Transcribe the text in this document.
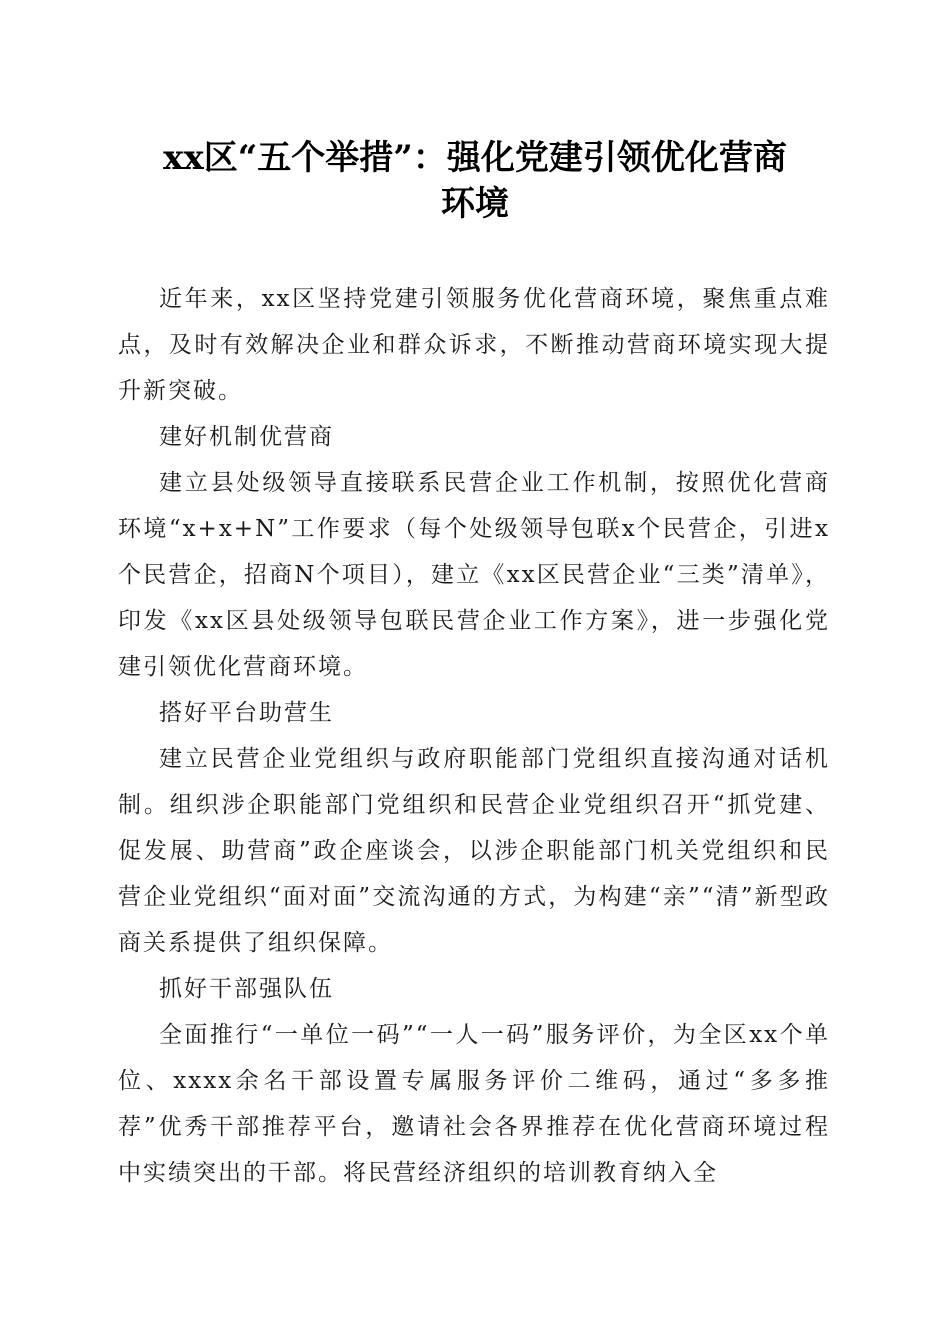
xx区“五个举措”：强化党建引领优化营商
环境

近年来，xx区坚持党建引领服务优化营商环境，聚焦重点难点，及时有效解决企业和群众诉求，不断推动营商环境实现大提升新突破。

建好机制优营商

建立县处级领导直接联系民营企业工作机制，按照优化营商环境“x+x+N”工作要求（每个处级领导包联x个民营企，引进x个民营企，招商N个项目），建立《xx区民营企业“三类”清单》，印发《xx区县处级领导包联民营企业工作方案》，进一步强化党建引领优化营商环境。

搭好平台助营生

建立民营企业党组织与政府职能部门党组织直接沟通对话机制。组织涉企职能部门党组织和民营企业党组织召开“抓党建、促发展、助营商”政企座谈会，以涉企职能部门机关党组织和民营企业党组织“面对面”交流沟通的方式，为构建“亲”“清”新型政商关系提供了组织保障。

抓好干部强队伍

全面推行“一单位一码”“一人一码”服务评价，为全区xx个单位、xxxx余名干部设置专属服务评价二维码，通过“多多推荐”优秀干部推荐平台，邀请社会各界推荐在优化营商环境过程中实绩突出的干部。将民营经济组织的培训教育纳入全
